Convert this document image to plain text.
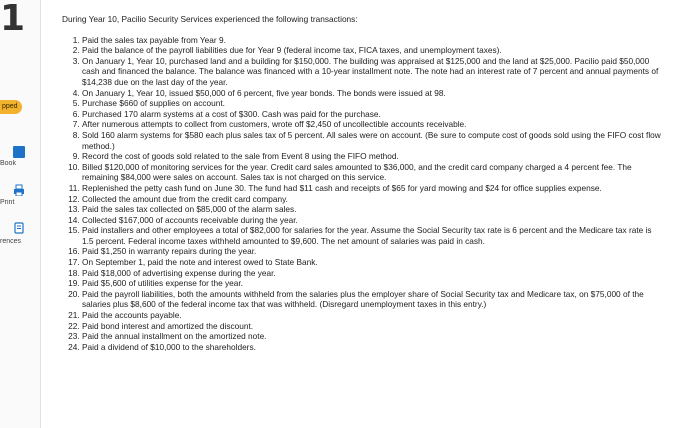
1
pped
Book
Print
rences

During Year 10, Pacilio Security Services experienced the following transactions:

1. Paid the sales tax payable from Year 9.
2. Paid the balance of the payroll liabilities due for Year 9 (federal income tax, FICA taxes, and unemployment taxes).
3. On January 1, Year 10, purchased land and a building for $150,000. The building was appraised at $125,000 and the land at $25,000. Pacilio paid $50,000 cash and financed the balance. The balance was financed with a 10-year installment note. The note had an interest rate of 7 percent and annual payments of $14,238 due on the last day of the year.
4. On January 1, Year 10, issued $50,000 of 6 percent, five year bonds. The bonds were issued at 98.
5. Purchase $660 of supplies on account.
6. Purchased 170 alarm systems at a cost of $300. Cash was paid for the purchase.
7. After numerous attempts to collect from customers, wrote off $2,450 of uncollectible accounts receivable.
8. Sold 160 alarm systems for $580 each plus sales tax of 5 percent. All sales were on account. (Be sure to compute cost of goods sold using the FIFO cost flow method.)
9. Record the cost of goods sold related to the sale from Event 8 using the FIFO method.
10. Billed $120,000 of monitoring services for the year. Credit card sales amounted to $36,000, and the credit card company charged a 4 percent fee. The remaining $84,000 were sales on account. Sales tax is not charged on this service.
11. Replenished the petty cash fund on June 30. The fund had $11 cash and receipts of $65 for yard mowing and $24 for office supplies expense.
12. Collected the amount due from the credit card company.
13. Paid the sales tax collected on $85,000 of the alarm sales.
14. Collected $167,000 of accounts receivable during the year.
15. Paid installers and other employees a total of $82,000 for salaries for the year. Assume the Social Security tax rate is 6 percent and the Medicare tax rate is 1.5 percent. Federal income taxes withheld amounted to $9,600. The net amount of salaries was paid in cash.
16. Paid $1,250 in warranty repairs during the year.
17. On September 1, paid the note and interest owed to State Bank.
18. Paid $18,000 of advertising expense during the year.
19. Paid $5,600 of utilities expense for the year.
20. Paid the payroll liabilities, both the amounts withheld from the salaries plus the employer share of Social Security tax and Medicare tax, on $75,000 of the salaries plus $8,600 of the federal income tax that was withheld. (Disregard unemployment taxes in this entry.)
21. Paid the accounts payable.
22. Paid bond interest and amortized the discount.
23. Paid the annual installment on the amortized note.
24. Paid a dividend of $10,000 to the shareholders.
